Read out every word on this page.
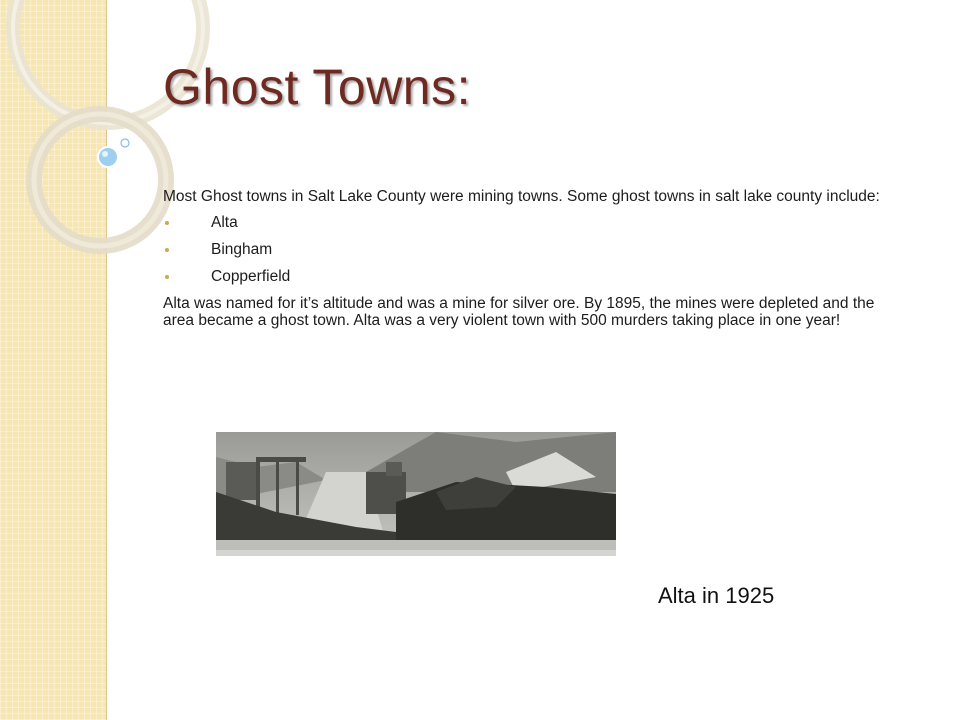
Ghost Towns:

Most Ghost towns in Salt Lake County were mining towns. Some ghost towns in salt lake county include:

Alta
Bingham
Copperfield

Alta was named for it’s altitude and was a mine for silver ore. By 1895, the mines were depleted and the area became a ghost town. Alta was a very violent town with 500 murders taking place in one year!

Alta in 1925
